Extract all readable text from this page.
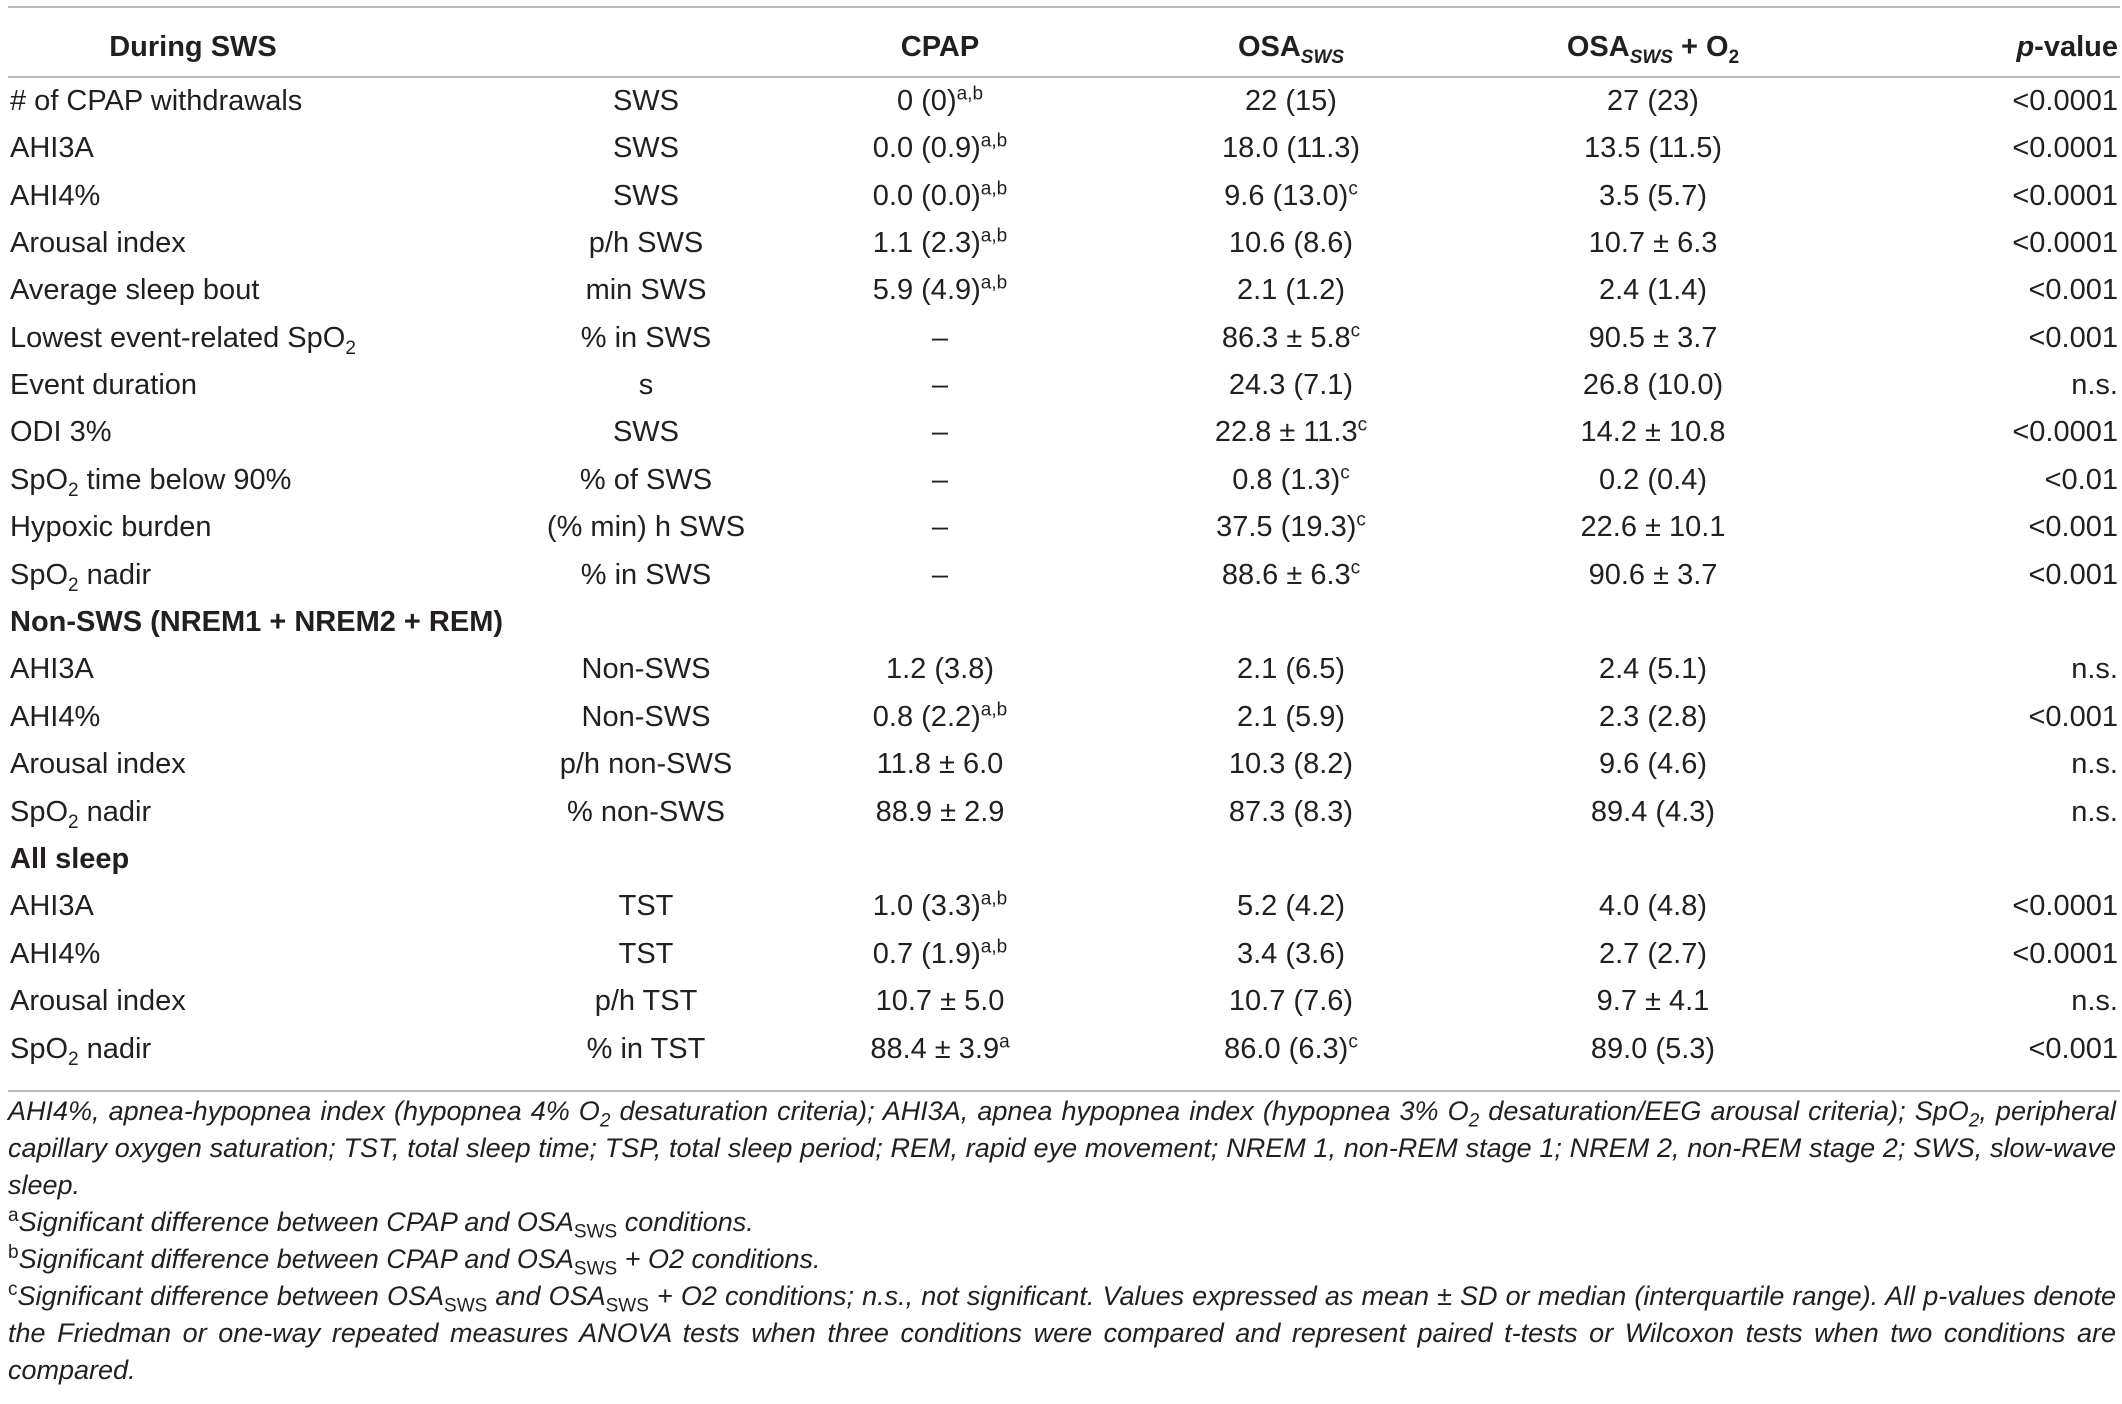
During SWS		CPAP	$OSA_{SWS}$	$OSA_{SWS} + O_2$	p-value
# of CPAP withdrawals	SWS	0 $(0)^{a,b}$	22 (15)	27 (23)	<0.0001
AHI3A	SWS	0.0 $(0.9)^{a,b}$	18.0 (11.3)	13.5 (11.5)	<0.0001
AHI4%	SWS	0.0 $(0.0)^{a,b}$	9.6 $(13.0)^c$	3.5 (5.7)	<0.0001
Arousal index	p/h SWS	1.1 $(2.3)^{a,b}$	10.6 (8.6)	10.7 ± 6.3	<0.0001
Average sleep bout	min SWS	5.9 $(4.9)^{a,b}$	2.1 (1.2)	2.4 (1.4)	<0.001
Lowest event-related SpO$_2$	% in SWS	–	86.3 ± 5.8$^c$	90.5 ± 3.7	<0.001
Event duration	s	–	24.3 (7.1)	26.8 (10.0)	n.s.
ODI 3%	SWS	–	22.8 ± 11.3$^c$	14.2 ± 10.8	<0.0001
SpO$_2$ time below 90%	% of SWS	–	0.8 $(1.3)^c$	0.2 (0.4)	<0.01
Hypoxic burden	(% min) h SWS	–	37.5 $(19.3)^c$	22.6 ± 10.1	<0.001
SpO$_2$ nadir	% in SWS	–	88.6 ± 6.3$^c$	90.6 ± 3.7	<0.001
Non-SWS (NREM1 + NREM2 + REM)					
AHI3A	Non-SWS	1.2 (3.8)	2.1 (6.5)	2.4 (5.1)	n.s.
AHI4%	Non-SWS	0.8 $(2.2)^{a,b}$	2.1 (5.9)	2.3 (2.8)	<0.001
Arousal index	p/h non-SWS	11.8 ± 6.0	10.3 (8.2)	9.6 (4.6)	n.s.
SpO$_2$ nadir	% non-SWS	88.9 ± 2.9	87.3 (8.3)	89.4 (4.3)	n.s.
All sleep					
AHI3A	TST	1.0 $(3.3)^{a,b}$	5.2 (4.2)	4.0 (4.8)	<0.0001
AHI4%	TST	0.7 $(1.9)^{a,b}$	3.4 (3.6)	2.7 (2.7)	<0.0001
Arousal index	p/h TST	10.7 ± 5.0	10.7 (7.6)	9.7 ± 4.1	n.s.
SpO$_2$ nadir	% in TST	88.4 ± 3.9$^a$	86.0 $(6.3)^c$	89.0 (5.3)	<0.001

AHI4%, apnea-hypopnea index (hypopnea 4% $O_2$ desaturation criteria); AHI3A, apnea hypopnea index (hypopnea 3% $O_2$ desaturation/EEG arousal criteria); SpO$_2$, peripheral capillary oxygen saturation; TST, total sleep time; TSP, total sleep period; REM, rapid eye movement; NREM 1, non-REM stage 1; NREM 2, non-REM stage 2; SWS, slow-wave sleep.

$^a$Significant difference between CPAP and $OSA_{SWS}$ conditions.

$^b$Significant difference between CPAP and $OSA_{SWS} + O2$ conditions.

$^c$Significant difference between $OSA_{SWS}$ and $OSA_{SWS} + O2$ conditions; n.s., not significant. Values expressed as mean ± SD or median (interquartile range). All p-values denote the Friedman or one-way repeated measures ANOVA tests when three conditions were compared and represent paired t-tests or Wilcoxon tests when two conditions are compared.
